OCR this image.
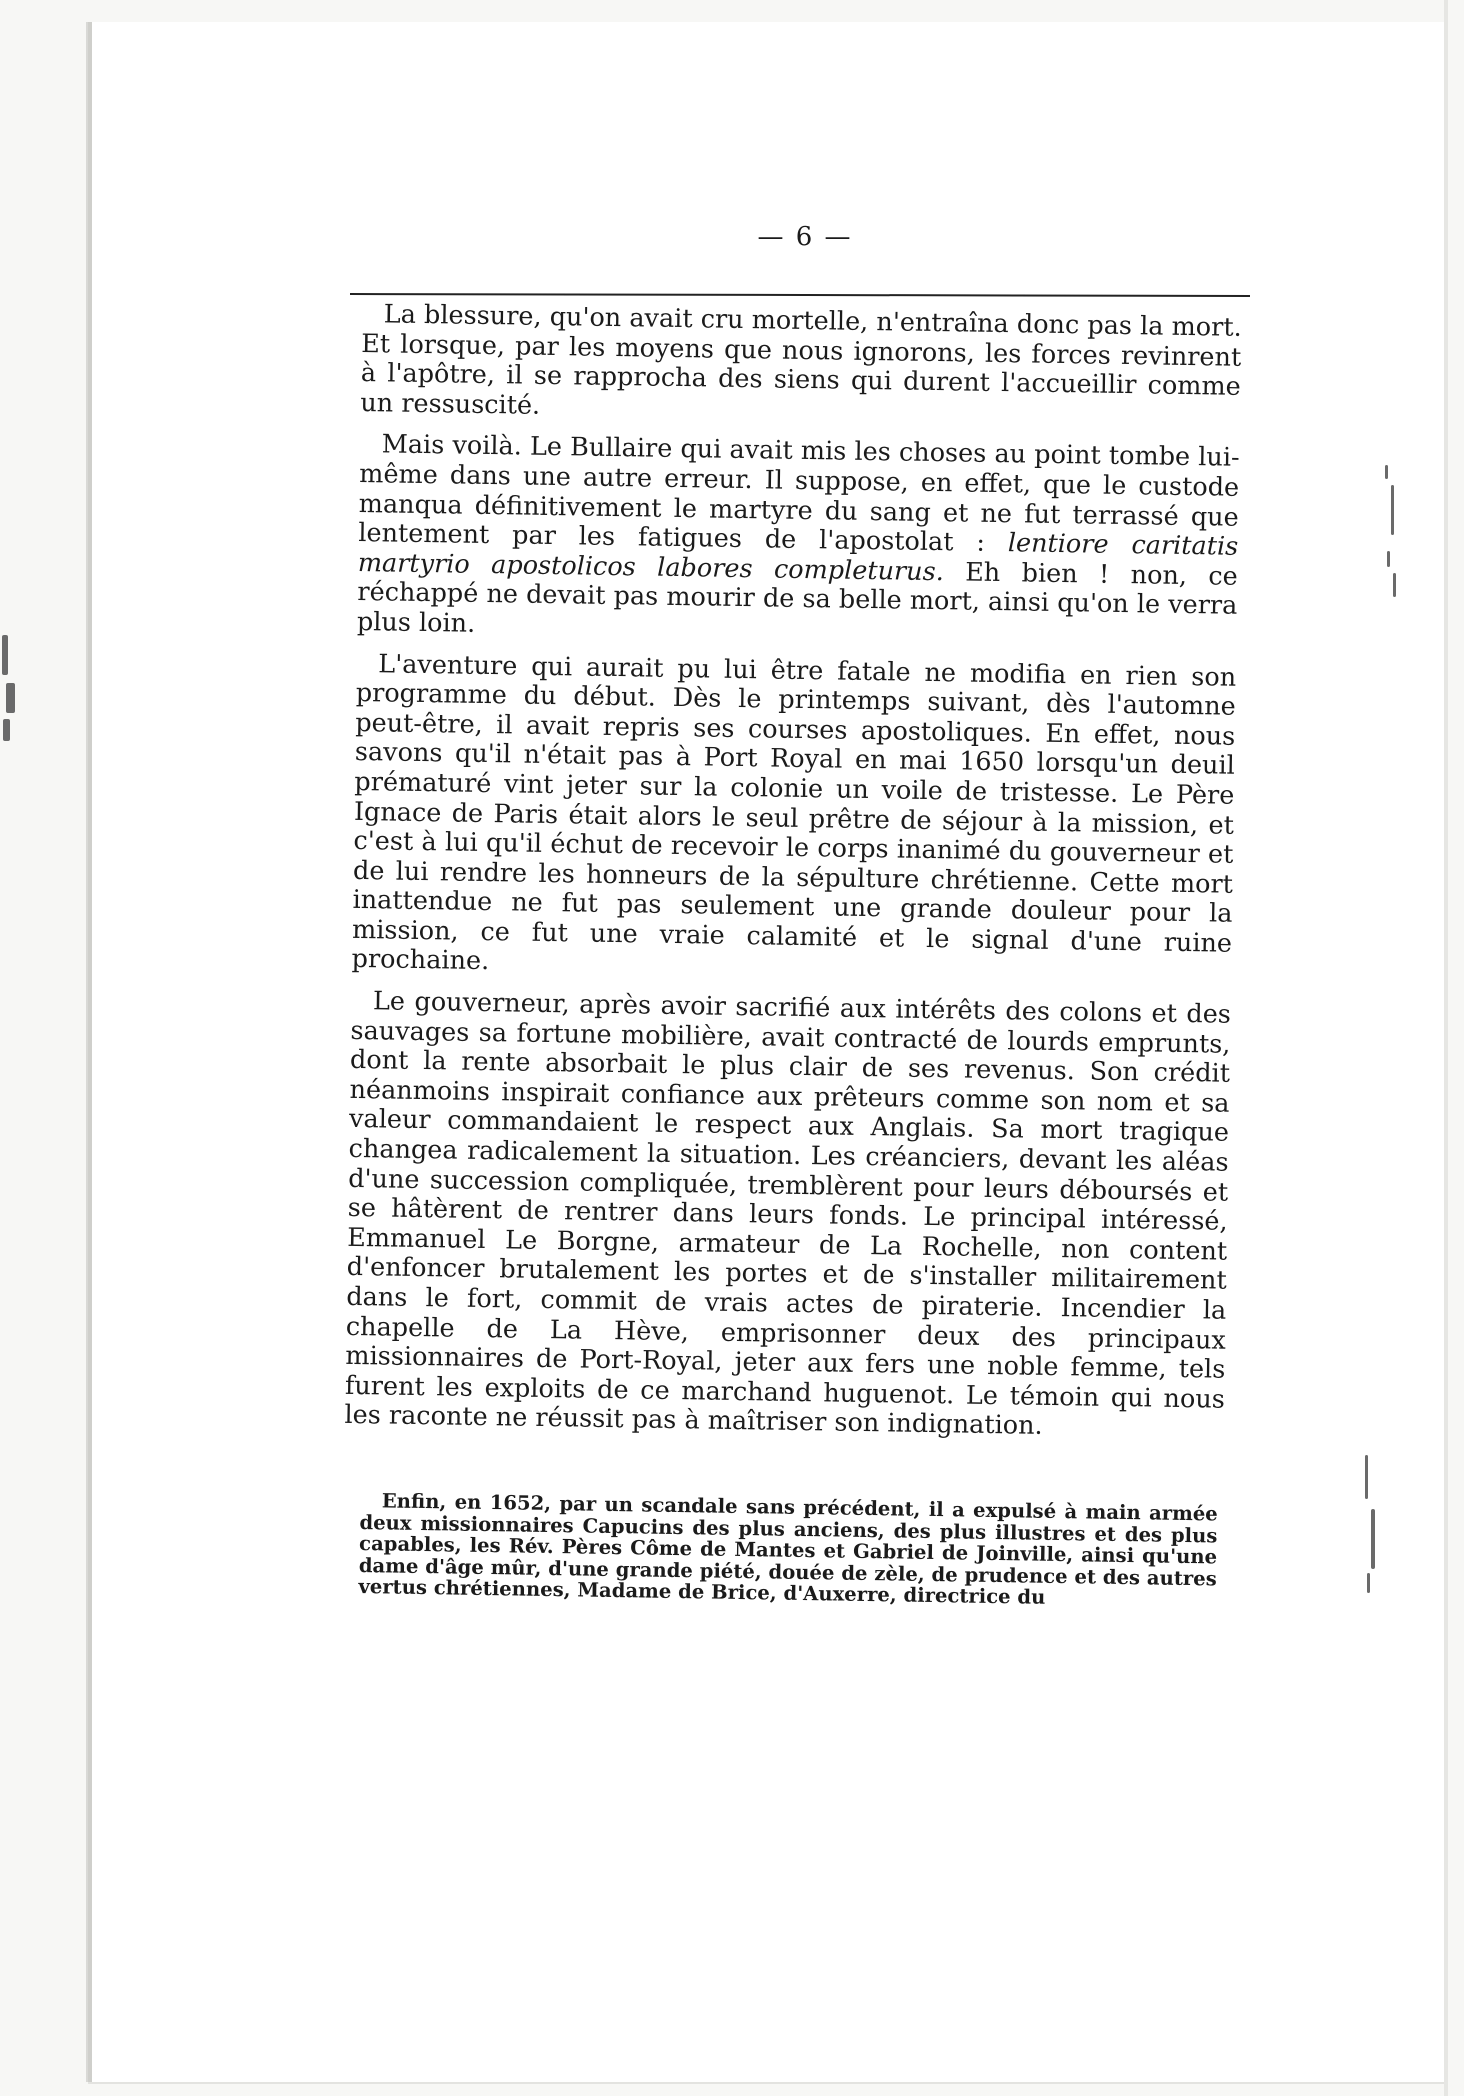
— 6 —

La blessure, qu'on avait cru mortelle, n'entraîna donc pas la mort. Et lorsque, par les moyens que nous ignorons, les forces revinrent à l'apôtre, il se rapprocha des siens qui durent l'accueillir comme un ressuscité.

Mais voilà. Le Bullaire qui avait mis les choses au point tombe lui-même dans une autre erreur. Il suppose, en effet, que le custode manqua définitivement le martyre du sang et ne fut terrassé que lentement par les fatigues de l'apostolat : lentiore caritatis martyrio apostolicos labores completurus. Eh bien ! non, ce réchappé ne devait pas mourir de sa belle mort, ainsi qu'on le verra plus loin.

L'aventure qui aurait pu lui être fatale ne modifia en rien son programme du début. Dès le printemps suivant, dès l'automne peut-être, il avait repris ses courses apostoliques. En effet, nous savons qu'il n'était pas à Port Royal en mai 1650 lorsqu'un deuil prématuré vint jeter sur la colonie un voile de tristesse. Le Père Ignace de Paris était alors le seul prêtre de séjour à la mission, et c'est à lui qu'il échut de recevoir le corps inanimé du gouverneur et de lui rendre les honneurs de la sépulture chrétienne. Cette mort inattendue ne fut pas seulement une grande douleur pour la mission, ce fut une vraie calamité et le signal d'une ruine prochaine.

Le gouverneur, après avoir sacrifié aux intérêts des colons et des sauvages sa fortune mobilière, avait contracté de lourds emprunts, dont la rente absorbait le plus clair de ses revenus. Son crédit néanmoins inspirait confiance aux prêteurs comme son nom et sa valeur commandaient le respect aux Anglais. Sa mort tragique changea radicalement la situation. Les créanciers, devant les aléas d'une succession compliquée, tremblèrent pour leurs déboursés et se hâtèrent de rentrer dans leurs fonds. Le principal intéressé, Emmanuel Le Borgne, armateur de La Rochelle, non content d'enfoncer brutalement les portes et de s'installer militairement dans le fort, commit de vrais actes de piraterie. Incendier la chapelle de La Hève, emprisonner deux des principaux missionnaires de Port-Royal, jeter aux fers une noble femme, tels furent les exploits de ce marchand huguenot. Le témoin qui nous les raconte ne réussit pas à maîtriser son indignation.

Enfin, en 1652, par un scandale sans précédent, il a expulsé à main armée deux missionnaires Capucins des plus anciens, des plus illustres et des plus capables, les Rév. Pères Côme de Mantes et Gabriel de Joinville, ainsi qu'une dame d'âge mûr, d'une grande piété, douée de zèle, de prudence et des autres vertus chrétiennes, Madame de Brice, d'Auxerre, directrice du
